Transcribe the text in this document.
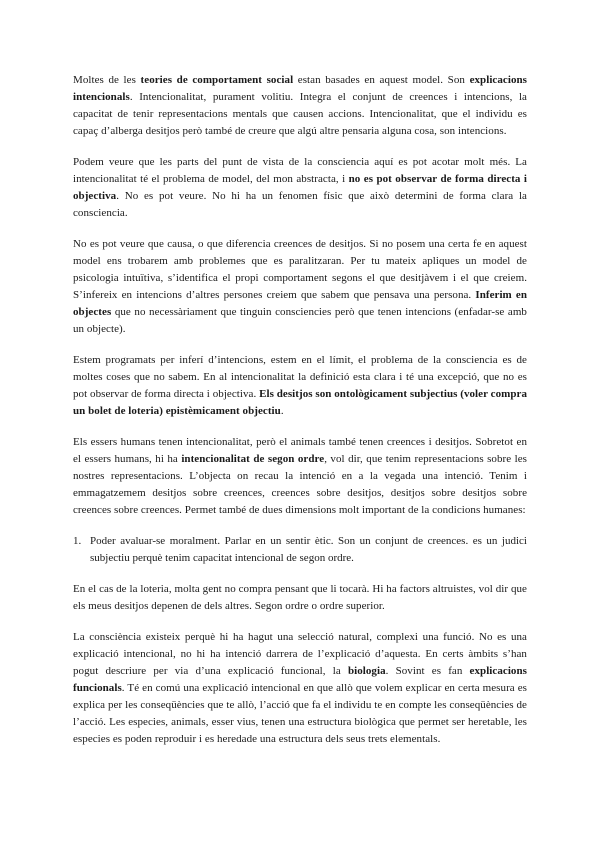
Moltes de les teories de comportament social estan basades en aquest model. Son explicacions intencionals. Intencionalitat, purament volitiu. Integra el conjunt de creences i intencions, la capacitat de tenir representacions mentals que causen accions. Intencionalitat, que el individu es capaç d’alberga desitjos però també de creure que algú altre pensaria alguna cosa, son intencions.

Podem veure que les parts del punt de vista de la consciencia aquí es pot acotar molt més. La intencionalitat té el problema de model, del mon abstracta, i no es pot observar de forma directa i objectiva. No es pot veure. No hi ha un fenomen físic que això determini de forma clara la consciencia.

No es pot veure que causa, o que diferencia creences de desitjos. Si no posem una certa fe en aquest model ens trobarem amb problemes que es paralitzaran. Per tu mateix apliques un model de psicologia intuïtiva, s’identifica el propi comportament segons el que desitjàvem i el que creiem. S’infereix en intencions d’altres persones creiem que sabem que pensava una persona. Inferim en objectes que no necessàriament que tinguin consciencies però que tenen intencions (enfadar-se amb un objecte).

Estem programats per inferí d’intencions, estem en el límit, el problema de la consciencia es de moltes coses que no sabem. En al intencionalitat la definició esta clara i té una excepció, que no es pot observar de forma directa i objectiva. Els desitjos son ontològicament subjectius (voler compra un bolet de loteria) epistèmicament objectiu.

Els essers humans tenen intencionalitat, però el animals també tenen creences i desitjos. Sobretot en el essers humans, hi ha intencionalitat de segon ordre, vol dir, que tenim representacions sobre les nostres representacions. L’objecta on recau la intenció en a la vegada una intenció. Tenim i emmagatzemem desitjos sobre creences, creences sobre desitjos, desitjos sobre desitjos sobre creences sobre creences. Permet també de dues dimensions molt important de la condicions humanes:

1. Poder avaluar-se moralment. Parlar en un sentir ètic. Son un conjunt de creences. es un judici subjectiu perquè tenim capacitat intencional de segon ordre.

En el cas de la loteria, molta gent no compra pensant que li tocarà. Hi ha factors altruistes, vol dir que els meus desitjos depenen de dels altres. Segon ordre o ordre superior.

La consciència existeix perquè hi ha hagut una selecció natural, complexi una funció. No es una explicació intencional, no hi ha intenció darrera de l’explicació d’aquesta. En certs àmbits s’han pogut descriure per via d’una explicació funcional, la biologia. Sovint es fan explicacions funcionals. Té en comú una explicació intencional en que allò que volem explicar en certa mesura es explica per les conseqüències que te allò, l’acció que fa el individu te en compte les conseqüències de l’acció. Les especies, animals, esser vius, tenen una estructura biològica que permet ser heretable, les especies es poden reproduir i es heredade una estructura dels seus trets elementals.
